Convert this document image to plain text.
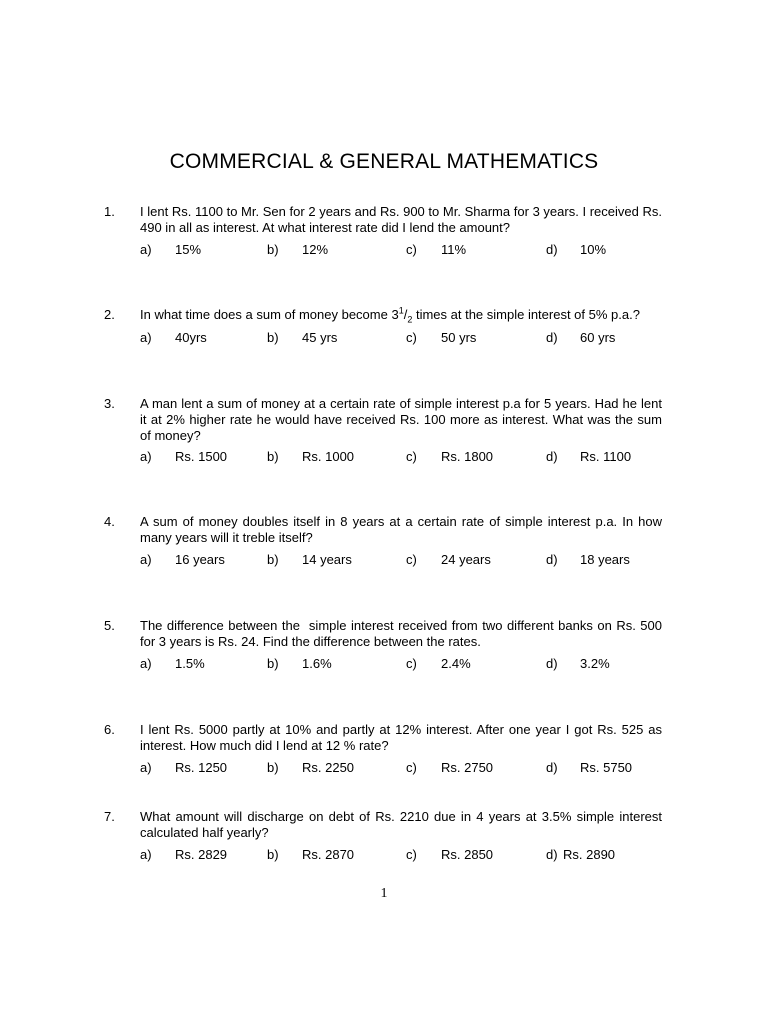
COMMERCIAL & GENERAL MATHEMATICS
1. I lent Rs. 1100 to Mr. Sen for 2 years and Rs. 900 to Mr. Sharma for 3 years. I received Rs. 490 in all as interest. At what interest rate did I lend the amount?
a) 15%	b) 12%	c) 11%	d) 10%
2. In what time does a sum of money become $3^1/_2$ times at the simple interest of 5% p.a.?
a) 40yrs	b) 45 yrs	c) 50 yrs	d) 60 yrs
3. A man lent a sum of money at a certain rate of simple interest p.a for 5 years. Had he lent it at 2% higher rate he would have received Rs. 100 more as interest. What was the sum of money?
a) Rs. 1500	b) Rs. 1000	c) Rs. 1800	d) Rs. 1100
4. A sum of money doubles itself in 8 years at a certain rate of simple interest p.a. In how many years will it treble itself?
a) 16 years	b) 14 years	c) 24 years	d) 18 years
5. The difference between the  simple interest received from two different banks on Rs. 500 for 3 years is Rs. 24. Find the difference between the rates.
a) 1.5%	b) 1.6%	c) 2.4%	d) 3.2%
6. I lent Rs. 5000 partly at 10% and partly at 12% interest. After one year I got Rs. 525 as interest. How much did I lend at 12 % rate?
a) Rs. 1250	b) Rs. 2250	c) Rs. 2750	d) Rs. 5750
7. What amount will discharge on debt of Rs. 2210 due in 4 years at 3.5% simple interest calculated half yearly?
a) Rs. 2829	b) Rs. 2870	c) Rs. 2850	d) Rs. 2890
1
